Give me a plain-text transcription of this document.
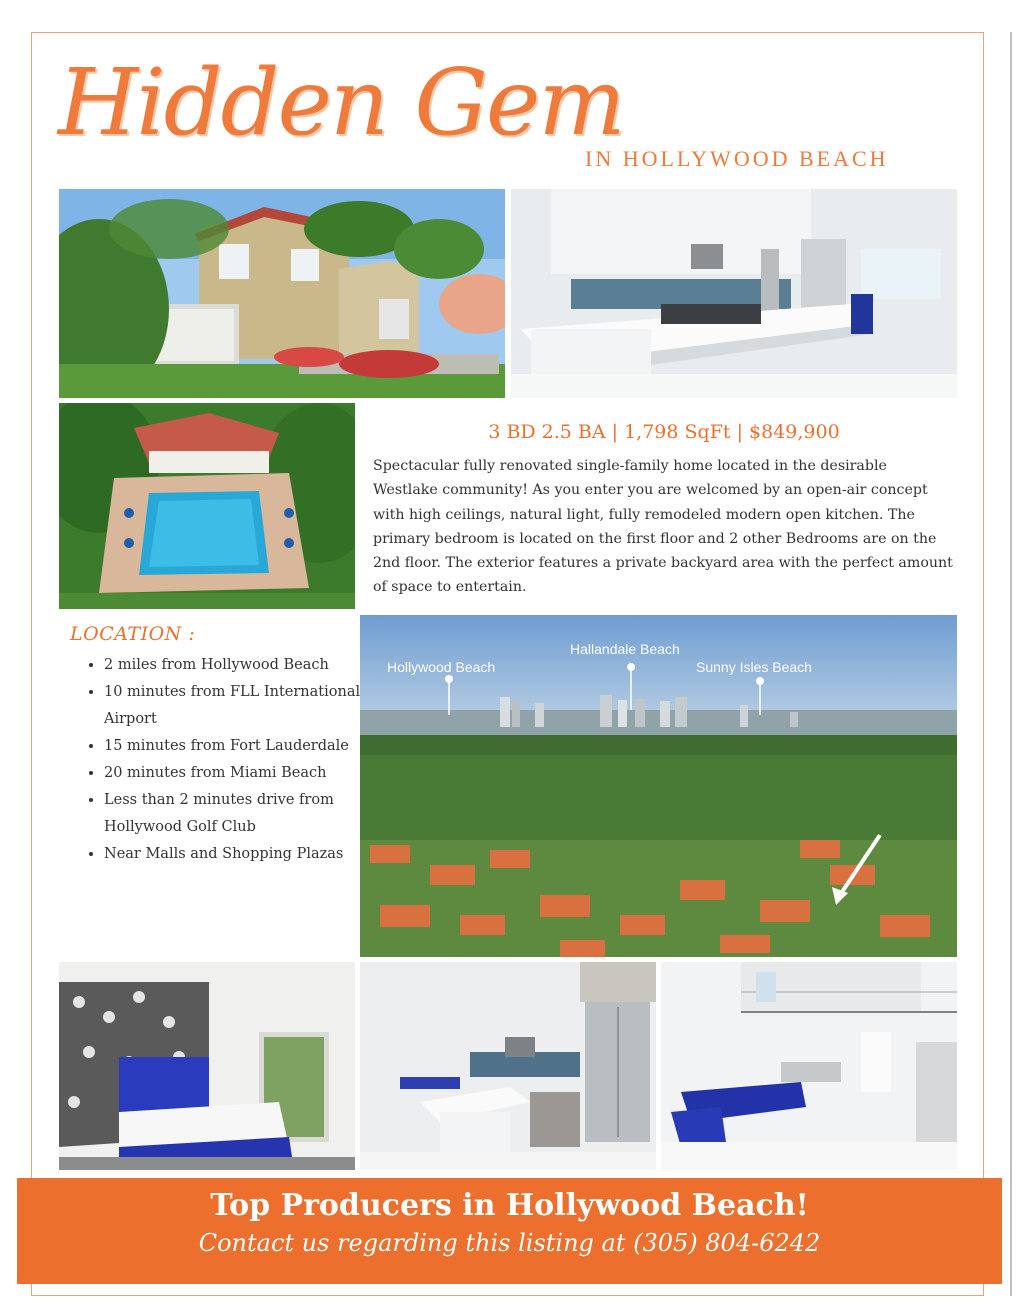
Hidden Gem
IN HOLLYWOOD BEACH
3 BD 2.5 BA | 1,798 SqFt | $849,900
Spectacular fully renovated single-family home located in the desirable Westlake community! As you enter you are welcomed by an open-air concept with high ceilings, natural light, fully remodeled modern open kitchen. The primary bedroom is located on the first floor and 2 other Bedrooms are on the 2nd floor. The exterior features a private backyard area with the perfect amount of space to entertain.
LOCATION :
• 2 miles from Hollywood Beach
• 10 minutes from FLL International Airport
• 15 minutes from Fort Lauderdale
• 20 minutes from Miami Beach
• Less than 2 minutes drive from Hollywood Golf Club
• Near Malls and Shopping Plazas
Hollywood Beach
Hallandale Beach
Sunny Isles Beach
Top Producers in Hollywood Beach!
Contact us regarding this listing at (305) 804-6242
